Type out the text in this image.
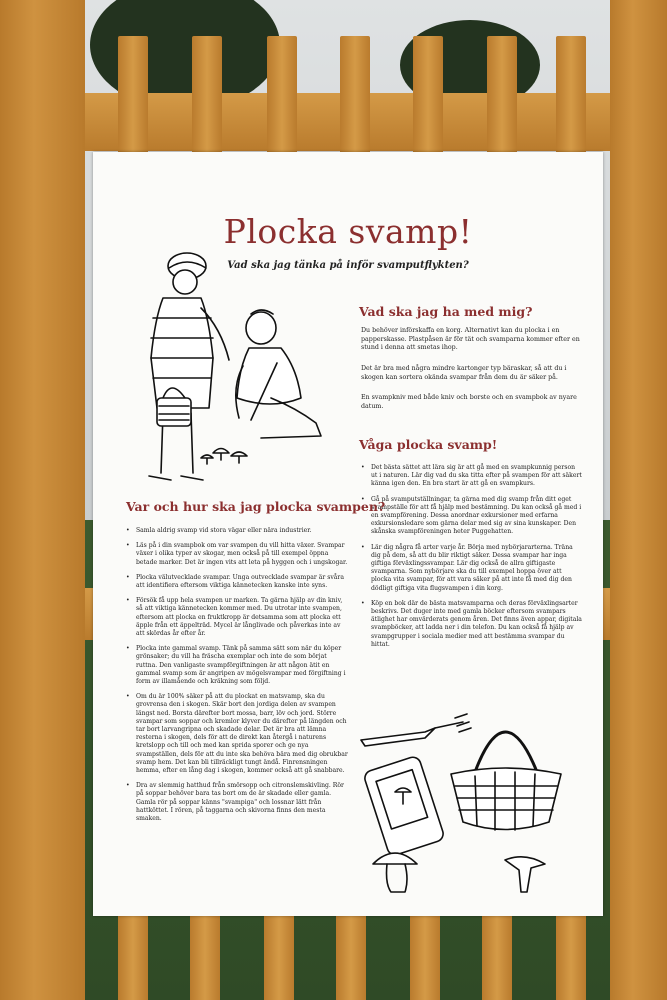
Plocka svamp!
Vad ska jag tänka på inför svamputflykten?
Vad ska jag ha med mig?

Du behöver införskaffa en korg. Alternativt kan du plocka i en papperskasse. Plastpåsen är för tät och svamparna kommer efter en stund i denna att smetas ihop.

Det är bra med några mindre kartonger typ bäraskar, så att du i skogen kan sortera okända svampar från dem du är säker på.

En svampkniv med både kniv och borste och en svampbok av nyare datum.

Våga plocka svamp!
• Det bästa sättet att lära sig är att gå med en svampkunnig person ut i naturen. Lär dig vad du ska titta efter på svampen för att säkert känna igen den. En bra start är att gå en svampkurs.
• Gå på svamputställningar, ta gärna med dig svamp från ditt eget svampställe för att få hjälp med bestämning. Du kan också gå med i en svampförening. Dessa anordnar exkursioner med erfarna exkursionsledare som gärna delar med sig av sina kunskaper. Den skånska svampföreningen heter Puggehatten.
• Lär dig några få arter varje år. Börja med nybörjararterna. Träna dig på dem, så att du blir riktigt säker. Dessa svampar har inga giftiga förväxlingssvampar. Lär dig också de allra giftigaste svamparna. Som nybörjare ska du till exempel hoppa över att plocka vita svampar, för att vara säker på att inte få med dig den dödligt giftiga vita flugsvampen i din korg.
• Köp en bok där de bästa matsvamparna och deras förväxlingsarter beskrivs. Det duger inte med gamla böcker eftersom svampars ätlighet har omvärderats genom åren. Det finns även appar, digitala svampböcker, att ladda ner i din telefon. Du kan också få hjälp av svampgrupper i sociala medier med att bestämma svampar du hittat.
Var och hur ska jag plocka svampen?
• Samla aldrig svamp vid stora vägar eller nära industrier.
• Läs på i din svampbok om var svampen du vill hitta växer. Svampar växer i olika typer av skogar, men också på till exempel öppna betade marker. Det är ingen vits att leta på hyggen och i ungskogar.
• Plocka välutvecklade svampar. Unga outvecklade svampar är svåra att identifiera eftersom viktiga kännetecken kanske inte syns.
• Försök få upp hela svampen ur marken. Ta gärna hjälp av din kniv, så att viktiga kännetecken kommer med. Du utrotar inte svampen, eftersom att plocka en fruktkropp är detsamma som att plocka ett äpple från ett äppelträd. Mycel är långlivade och påverkas inte av att skördas år efter år.
• Plocka inte gammal svamp. Tänk på samma sätt som när du köper grönsaker; du vill ha fräscha exemplar och inte de som börjat ruttna. Den vanligaste svampförgiftningen är att någon ätit en gammal svamp som är angripen av mögelsvampar med förgiftning i form av illamående och kräkning som följd.
• Om du är 100% säker på att du plockat en matsvamp, ska du grovrensa den i skogen. Skär bort den jordiga delen av svampen längst ned. Borsta därefter bort mossa, barr, löv och jord. Större svampar som soppar och kremlor klyver du därefter på längden och tar bort larvangripna och skadade delar. Det är bra att lämna resterna i skogen, dels för att de direkt kan återgå i naturens kretslopp och till och med kan sprida sporer och ge nya svampställen, dels för att du inte ska behöva bära med dig obrukbar svamp hem. Det kan bli tillräckligt tungt ändå. Finrensningen hemma, efter en lång dag i skogen, kommer också att gå snabbare.
• Dra av slemmig hatthud från smörsopp och citronslemskivling. Rör på soppar behöver bara tas bort om de är skadade eller gamla. Gamla rör på soppar känns "svampiga" och lossnar lätt från hattköttet. I rören, på taggarna och skivorna finns den mesta smaken.
